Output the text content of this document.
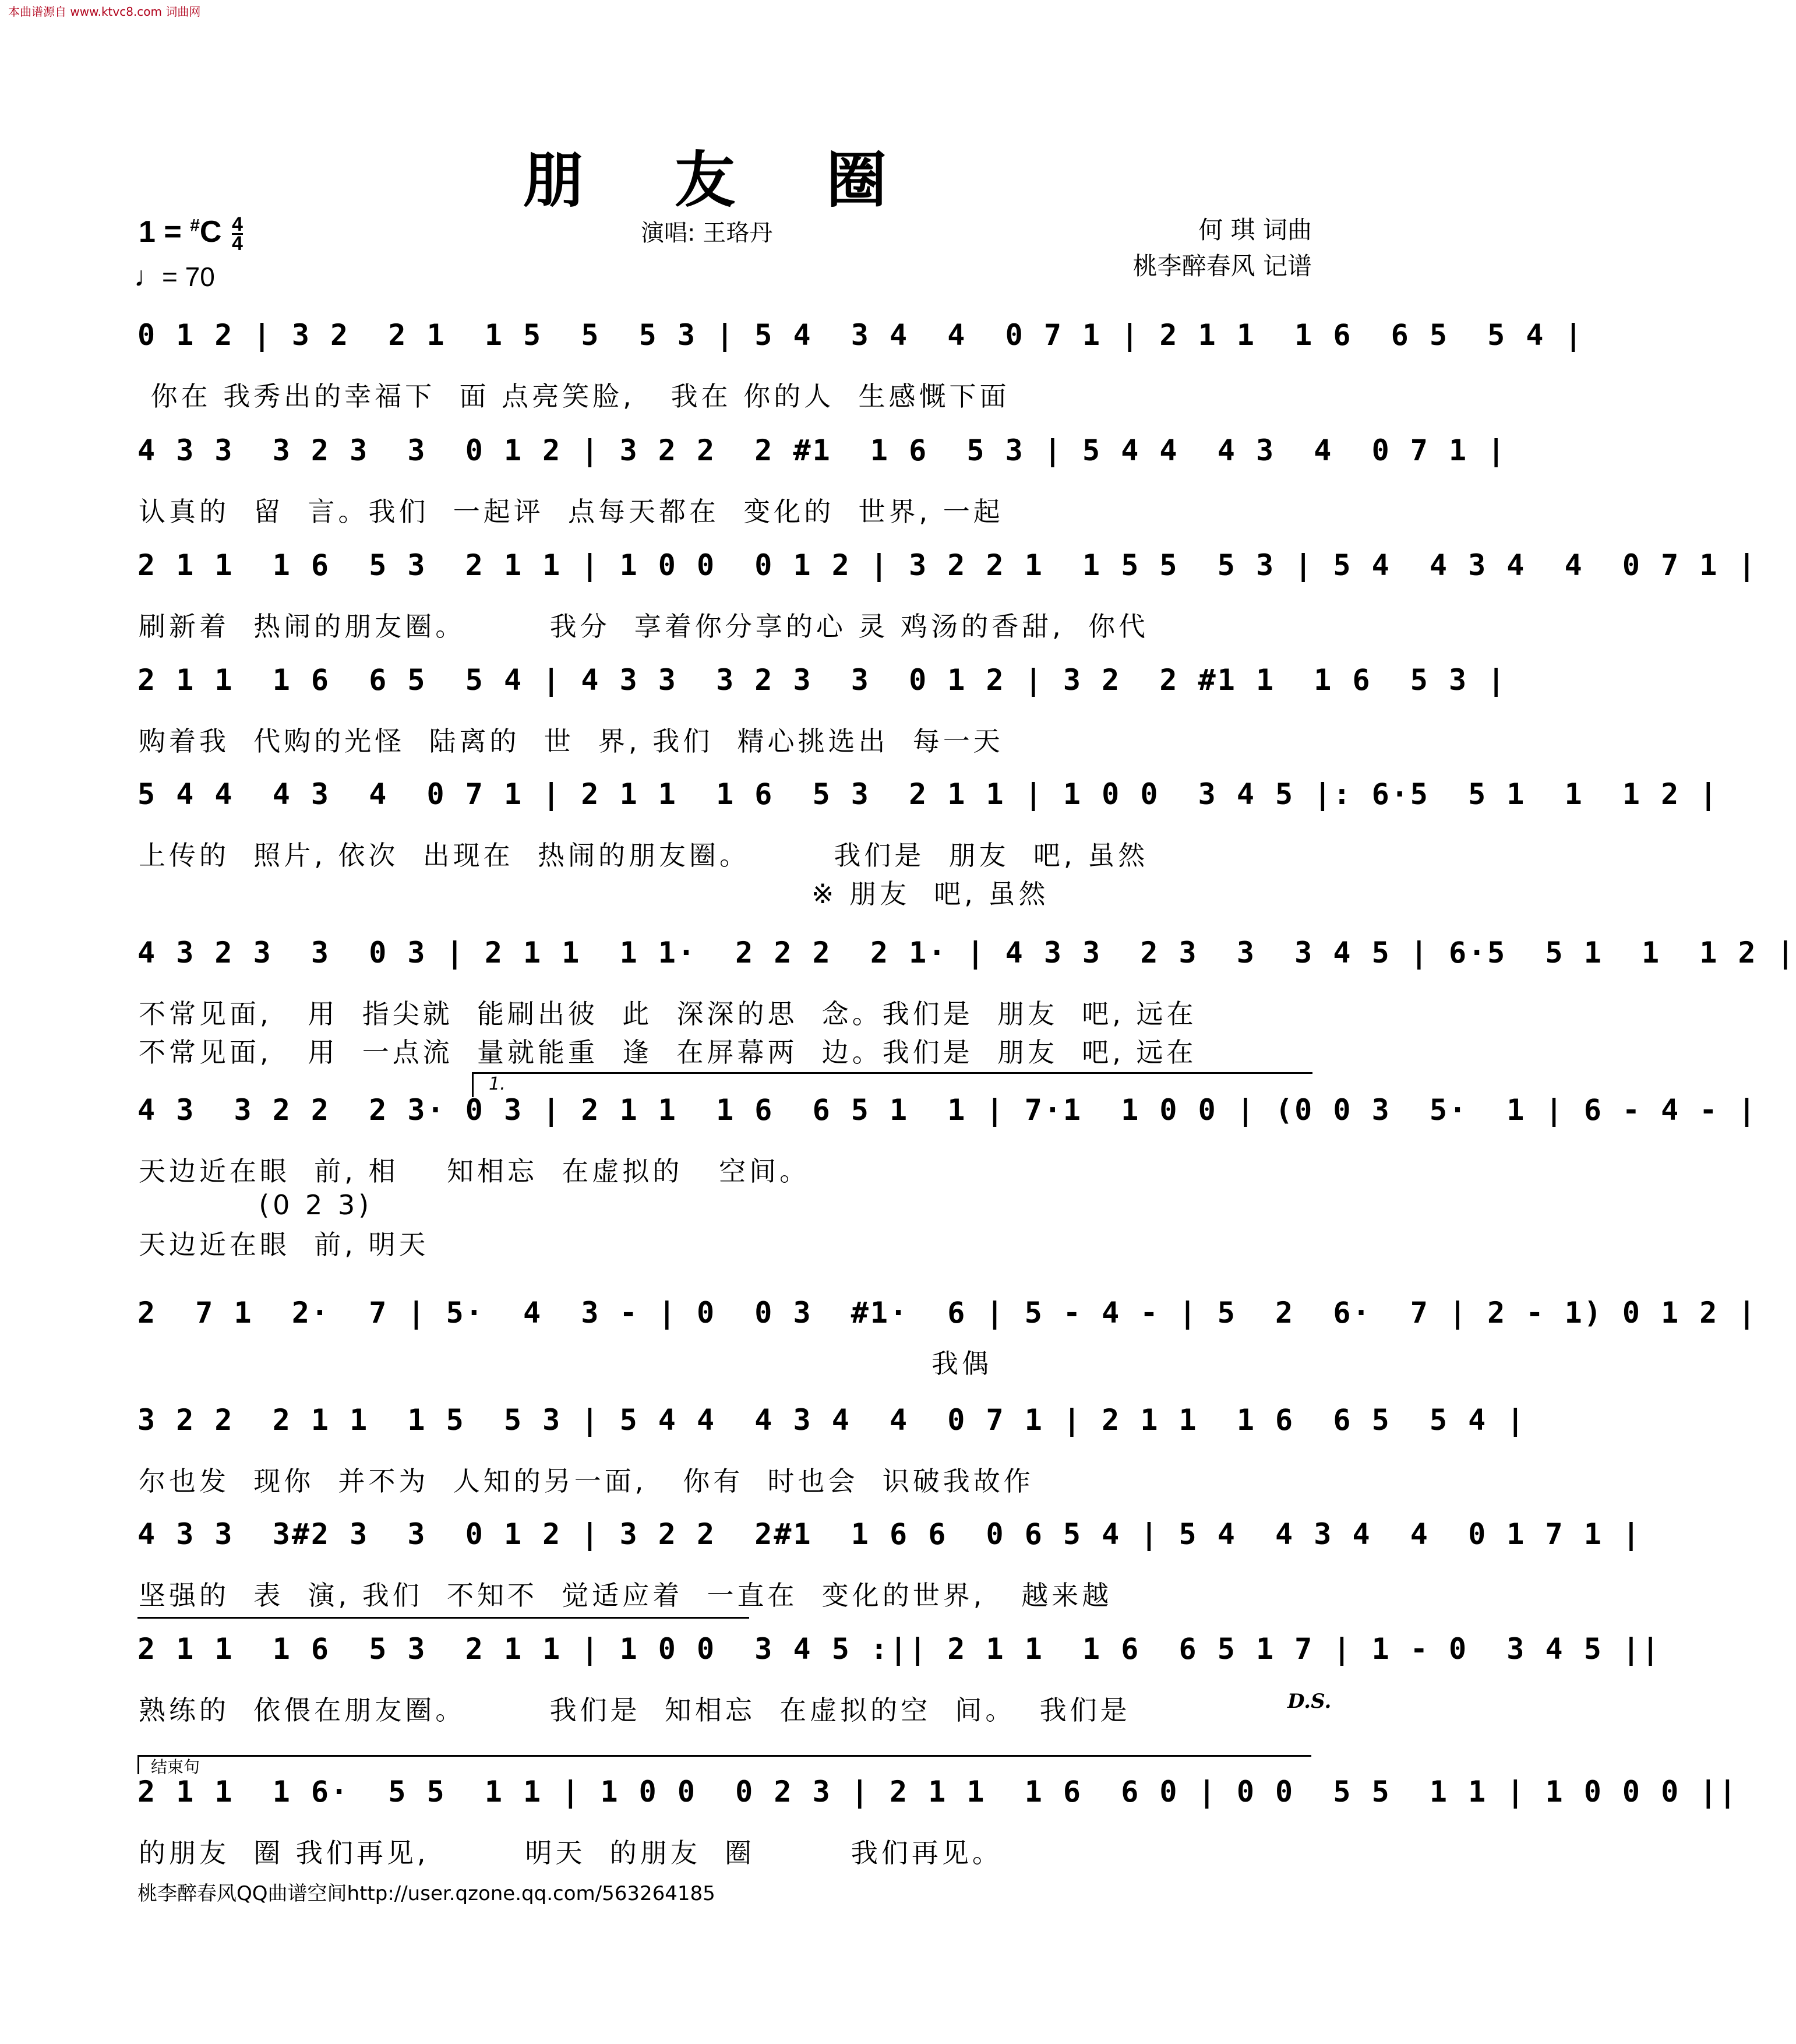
本曲谱源自 www.ktvc8.com 词曲网
朋 友 圈
1 = #C 4
4
♩= 70
演唱: 王珞丹	何 琪 词曲
桃李醉春风 记谱
0 1 2 | 3 2  2 1  1 5  5  5 3 | 5 4  3 4  4  0 7 1 | 2 1 1  1 6  6 5  5 4 |
你在 我秀出的幸福下  面 点亮笑脸,   我在 你的人  生感慨下面
4 3 3  3 2 3  3  0 1 2 | 3 2 2  2 #1  1 6  5 3 | 5 4 4  4 3  4  0 7 1 |
认真的  留  言。我们  一起评  点每天都在  变化的  世界, 一起
2 1 1  1 6  5 3  2 1 1 | 1 0 0  0 1 2 | 3 2 2 1  1 5 5  5 3 | 5 4  4 3 4  4  0 7 1 |
刷新着  热闹的朋友圈。       我分  享着你分享的心 灵 鸡汤的香甜,  你代
2 1 1  1 6  6 5  5 4 | 4 3 3  3 2 3  3  0 1 2 | 3 2  2 #1 1  1 6  5 3 |
购着我  代购的光怪  陆离的  世  界, 我们  精心挑选出  每一天
5 4 4  4 3  4  0 7 1 | 2 1 1  1 6  5 3  2 1 1 | 1 0 0  3 4 5 |: 6·5  5 1  1  1 2 |
上传的  照片, 依次  出现在  热闹的朋友圈。       我们是  朋友  吧, 虽然
※ 朋友  吧, 虽然
4 3 2 3  3  0 3 | 2 1 1  1 1·  2 2 2  2 1· | 4 3 3  2 3  3  3 4 5 | 6·5  5 1  1  1 2 |
不常见面,   用  指尖就  能刷出彼  此  深深的思  念。我们是  朋友  吧, 远在
不常见面,   用  一点流  量就能重  逢  在屏幕两  边。我们是  朋友  吧, 远在
4 3  3 2 2  2 3· 0 3 | 2 1 1  1 6  6 5 1  1 | 7·1  1 0 0 | (0 0 3  5·  1 | 6 - 4 - |
天边近在眼  前, 相    知相忘  在虚拟的   空间。
(0 2 3)
天边近在眼  前, 明天
2  7 1  2·  7 | 5·  4  3 - | 0  0 3  #1·  6 | 5 - 4 - | 5  2  6·  7 | 2 - 1) 0 1 2 |
我偶
3 2 2  2 1 1  1 5  5 3 | 5 4 4  4 3 4  4  0 7 1 | 2 1 1  1 6  6 5  5 4 |
尔也发  现你  并不为  人知的另一面,   你有  时也会  识破我故作
4 3 3  3#2 3  3  0 1 2 | 3 2 2  2#1  1 6 6  0 6 5 4 | 5 4  4 3 4  4  0 1 7 1 |
坚强的  表  演, 我们  不知不  觉适应着  一直在  变化的世界,   越来越
2 1 1  1 6  5 3  2 1 1 | 1 0 0  3 4 5 :|| 2 1 1  1 6  6 5 1 7 | 1 - 0  3 4 5 ||
熟练的  依偎在朋友圈。       我们是  知相忘  在虚拟的空  间。  我们是
2 1 1  1 6·  5 5  1 1 | 1 0 0  0 2 3 | 2 1 1  1 6  6 0 | 0 0  5 5  1 1 | 1 0 0 0 ||
的朋友  圈 我们再见,        明天  的朋友  圈        我们再见。
1.
结束句
D.S.
桃李醉春风QQ曲谱空间http://user.qzone.qq.com/563264185
